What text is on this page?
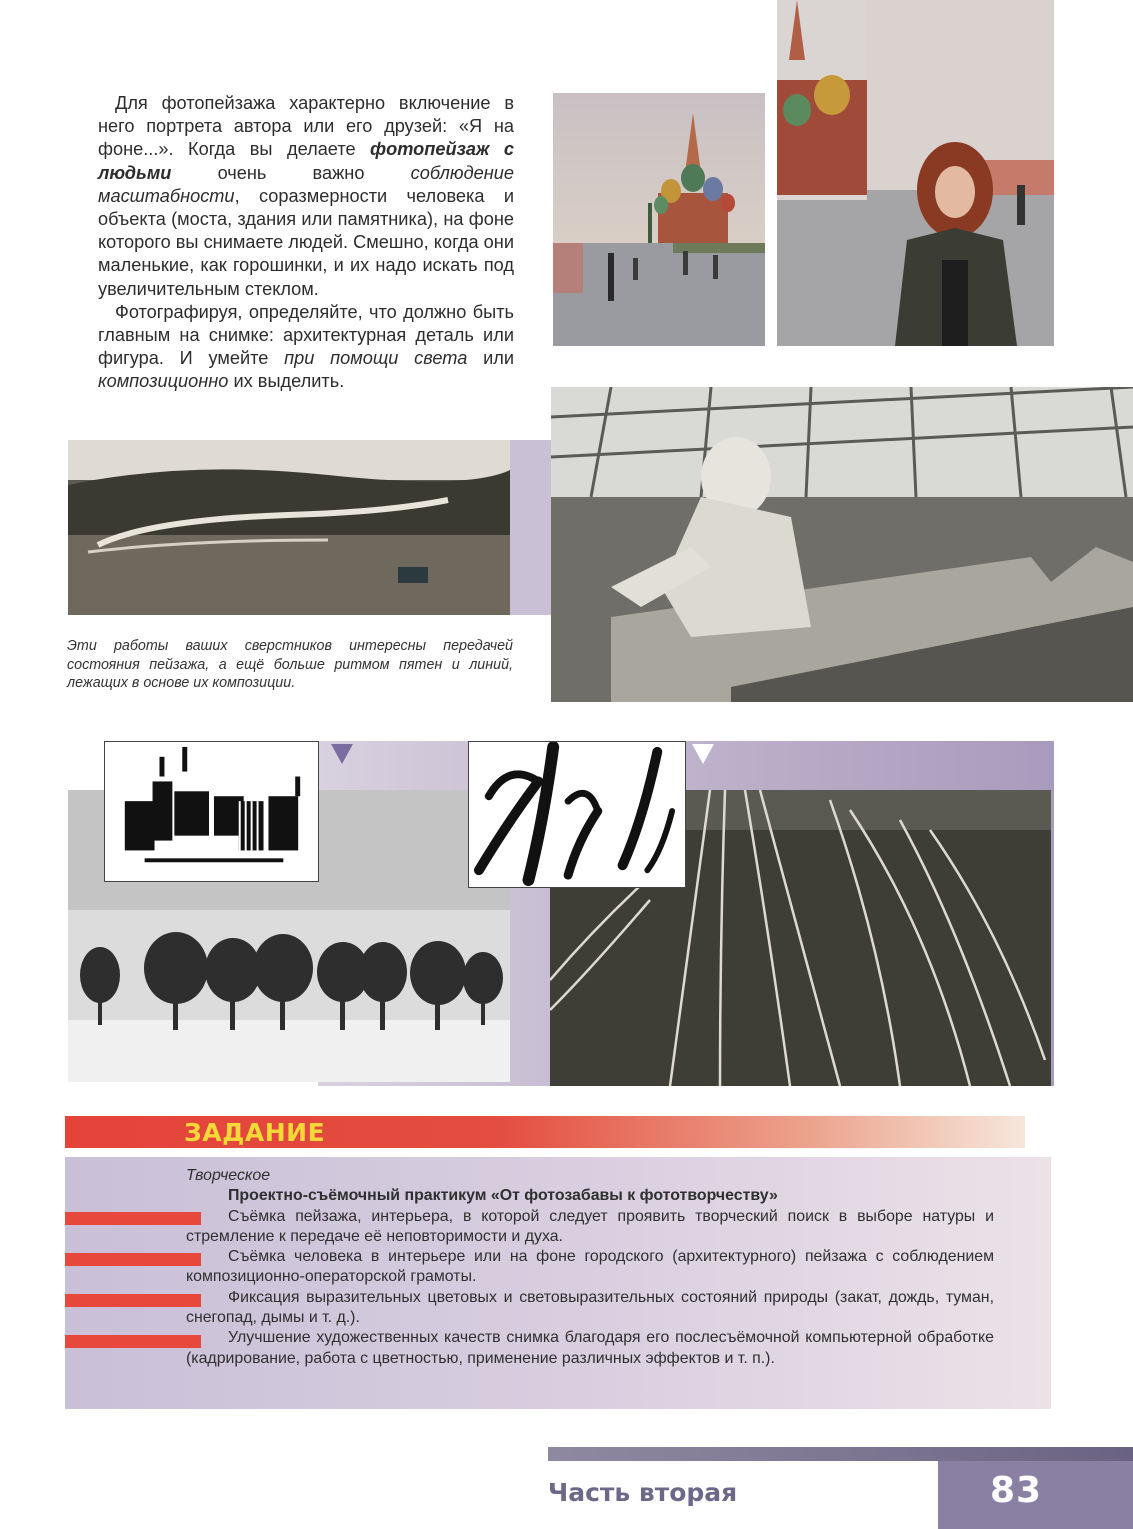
Для фотопейзажа характерно включение в него портрета автора или его друзей: «Я на фоне...». Когда вы делаете фотопейзаж с людьми очень важно соблюдение масштабности, соразмерности человека и объекта (моста, здания или памятника), на фоне которого вы снимаете людей. Смешно, когда они маленькие, как горошинки, и их надо искать под увеличительным стеклом.

Фотографируя, определяйте, что должно быть главным на снимке: архитектурная деталь или фигура. И умейте при помощи света или композиционно их выделить.

Эти работы ваших сверстников интересны передачей состояния пейзажа, а ещё больше ритмом пятен и линий, лежащих в основе их композиции.
ЗАДАНИЕ

Творческое

Проектно-съёмочный практикум «От фотозабавы к фототворчеству»

Съёмка пейзажа, интерьера, в которой следует проявить творческий поиск в выборе натуры и стремление к передаче её неповторимости и духа.

Съёмка человека в интерьере или на фоне городского (архитектурного) пейзажа с соблюдением композиционно-операторской грамоты.

Фиксация выразительных цветовых и световыразительных состояний природы (закат, дождь, туман, снегопад, дымы и т. д.).

Улучшение художественных качеств снимка благодаря его послесъёмочной компьютерной обработке (кадрирование, работа с цветностью, применение различных эффектов и т. п.).

Часть вторая	83
